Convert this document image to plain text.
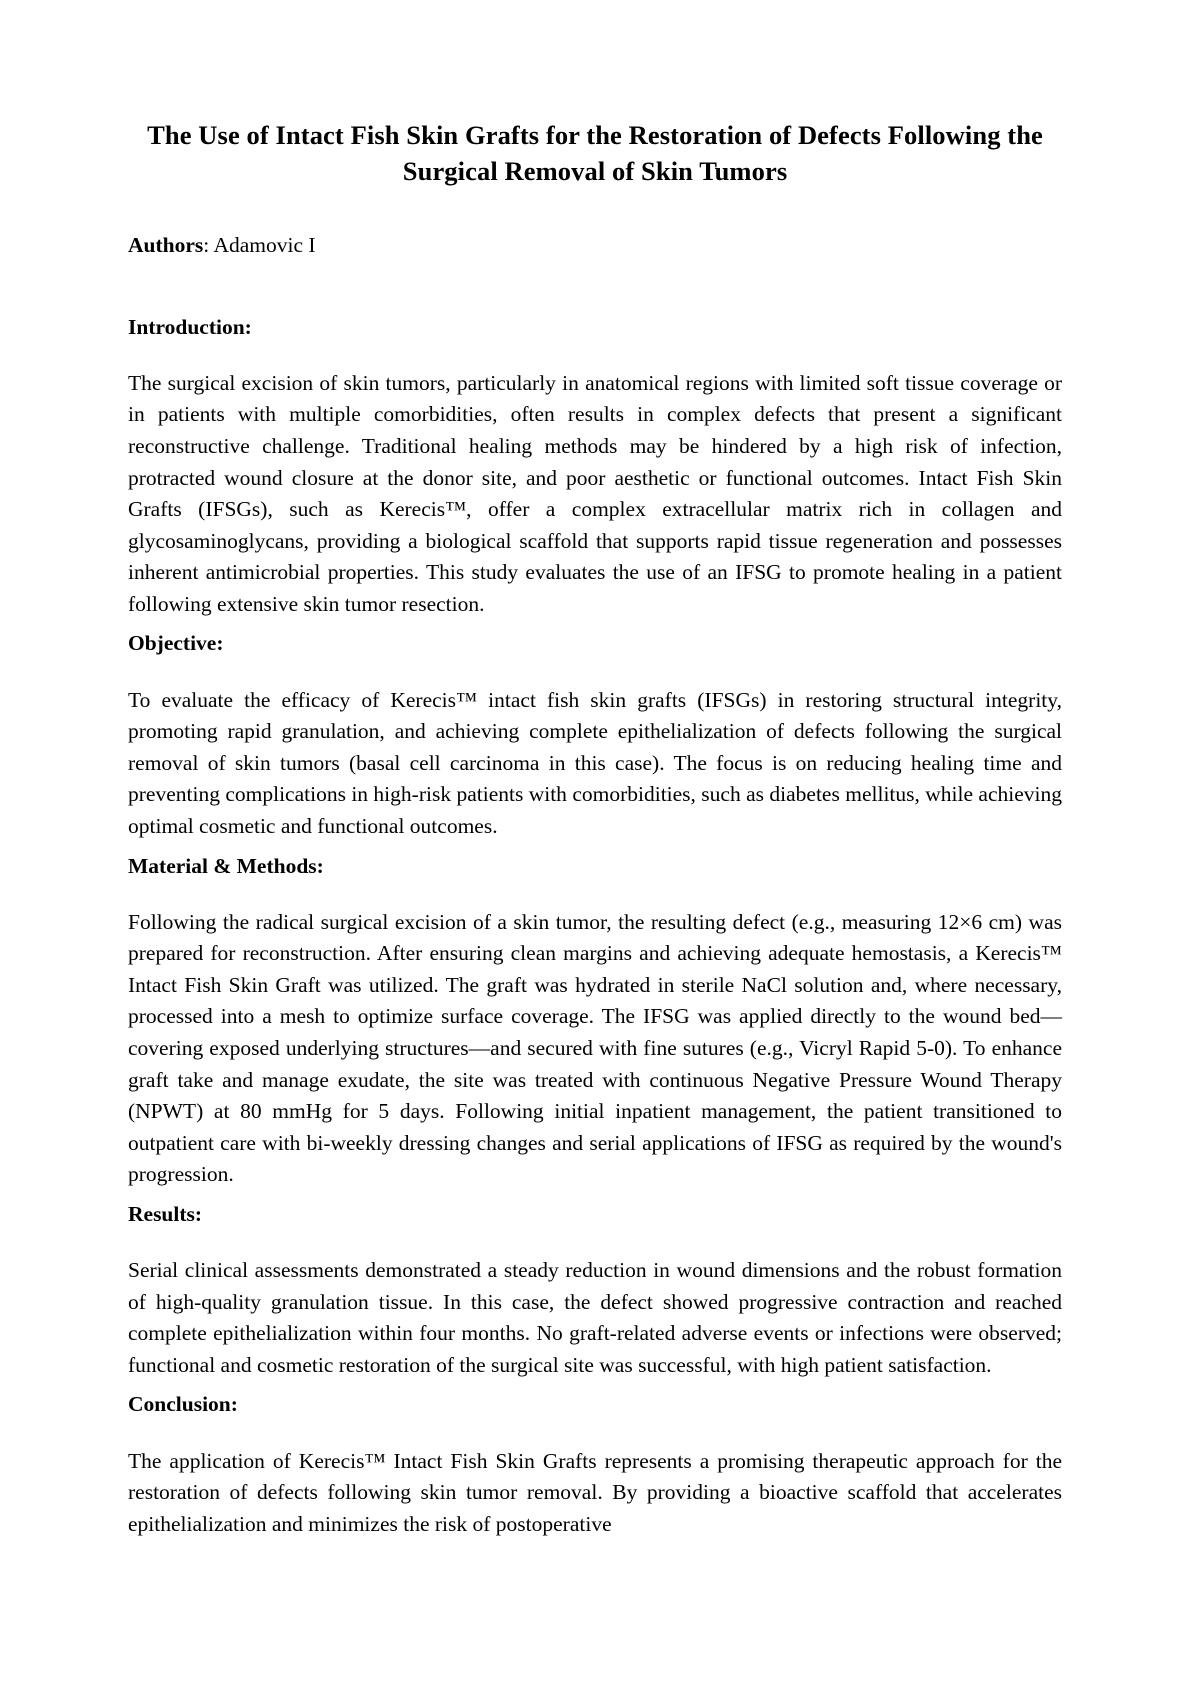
The Use of Intact Fish Skin Grafts for the Restoration of Defects Following the Surgical Removal of Skin Tumors

Authors: Adamovic I

Introduction:

The surgical excision of skin tumors, particularly in anatomical regions with limited soft tissue coverage or in patients with multiple comorbidities, often results in complex defects that present a significant reconstructive challenge. Traditional healing methods may be hindered by a high risk of infection, protracted wound closure at the donor site, and poor aesthetic or functional outcomes. Intact Fish Skin Grafts (IFSGs), such as Kerecis™, offer a complex extracellular matrix rich in collagen and glycosaminoglycans, providing a biological scaffold that supports rapid tissue regeneration and possesses inherent antimicrobial properties. This study evaluates the use of an IFSG to promote healing in a patient following extensive skin tumor resection.

Objective:

To evaluate the efficacy of Kerecis™ intact fish skin grafts (IFSGs) in restoring structural integrity, promoting rapid granulation, and achieving complete epithelialization of defects following the surgical removal of skin tumors (basal cell carcinoma in this case). The focus is on reducing healing time and preventing complications in high-risk patients with comorbidities, such as diabetes mellitus, while achieving optimal cosmetic and functional outcomes.

Material & Methods:

Following the radical surgical excision of a skin tumor, the resulting defect (e.g., measuring 12×6 cm) was prepared for reconstruction. After ensuring clean margins and achieving adequate hemostasis, a Kerecis™ Intact Fish Skin Graft was utilized. The graft was hydrated in sterile NaCl solution and, where necessary, processed into a mesh to optimize surface coverage. The IFSG was applied directly to the wound bed—covering exposed underlying structures—and secured with fine sutures (e.g., Vicryl Rapid 5-0). To enhance graft take and manage exudate, the site was treated with continuous Negative Pressure Wound Therapy (NPWT) at 80 mmHg for 5 days. Following initial inpatient management, the patient transitioned to outpatient care with bi-weekly dressing changes and serial applications of IFSG as required by the wound's progression.

Results:

Serial clinical assessments demonstrated a steady reduction in wound dimensions and the robust formation of high-quality granulation tissue. In this case, the defect showed progressive contraction and reached complete epithelialization within four months. No graft-related adverse events or infections were observed; functional and cosmetic restoration of the surgical site was successful, with high patient satisfaction.

Conclusion:

The application of Kerecis™ Intact Fish Skin Grafts represents a promising therapeutic approach for the restoration of defects following skin tumor removal. By providing a bioactive scaffold that accelerates epithelialization and minimizes the risk of postoperative
